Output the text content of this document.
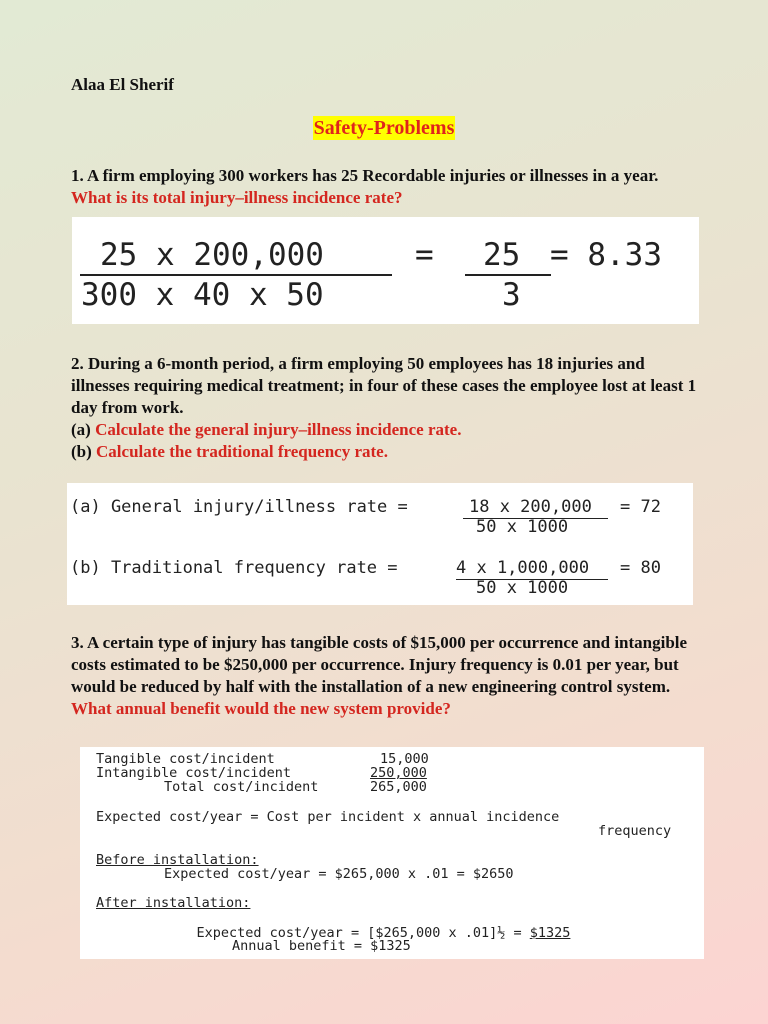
Alaa El Sherif
Safety-Problems
1. A firm employing 300 workers has 25 Recordable injuries or illnesses in a year. What is its total injury–illness incidence rate?
25 x 200,000
300 x 40 x 50
= 25
3
= 8.33
2. During a 6-month period, a firm employing 50 employees has 18 injuries and illnesses requiring medical treatment; in four of these cases the employee lost at least 1 day from work.
(a) Calculate the general injury–illness incidence rate.
(b) Calculate the traditional frequency rate.
(a) General injury/illness rate =	18 x 200,000
50 x 1000
= 72
(b) Traditional frequency rate =	4 x 1,000,000
50 x 1000
= 80
3. A certain type of injury has tangible costs of $15,000 per occurrence and intangible costs estimated to be $250,000 per occurrence. Injury frequency is 0.01 per year, but would be reduced by half with the installation of a new engineering control system. What annual benefit would the new system provide?
Tangible cost/incident	15,000
Intangible cost/incident	250,000
Total cost/incident	265,000
Expected cost/year = Cost per incident x annual incidence
frequency
Before installation:
Expected cost/year = $265,000 x .01 = $2650
After installation:

Expected cost/year = [$265,000 x .01]½ = $1325

Annual benefit = $1325
